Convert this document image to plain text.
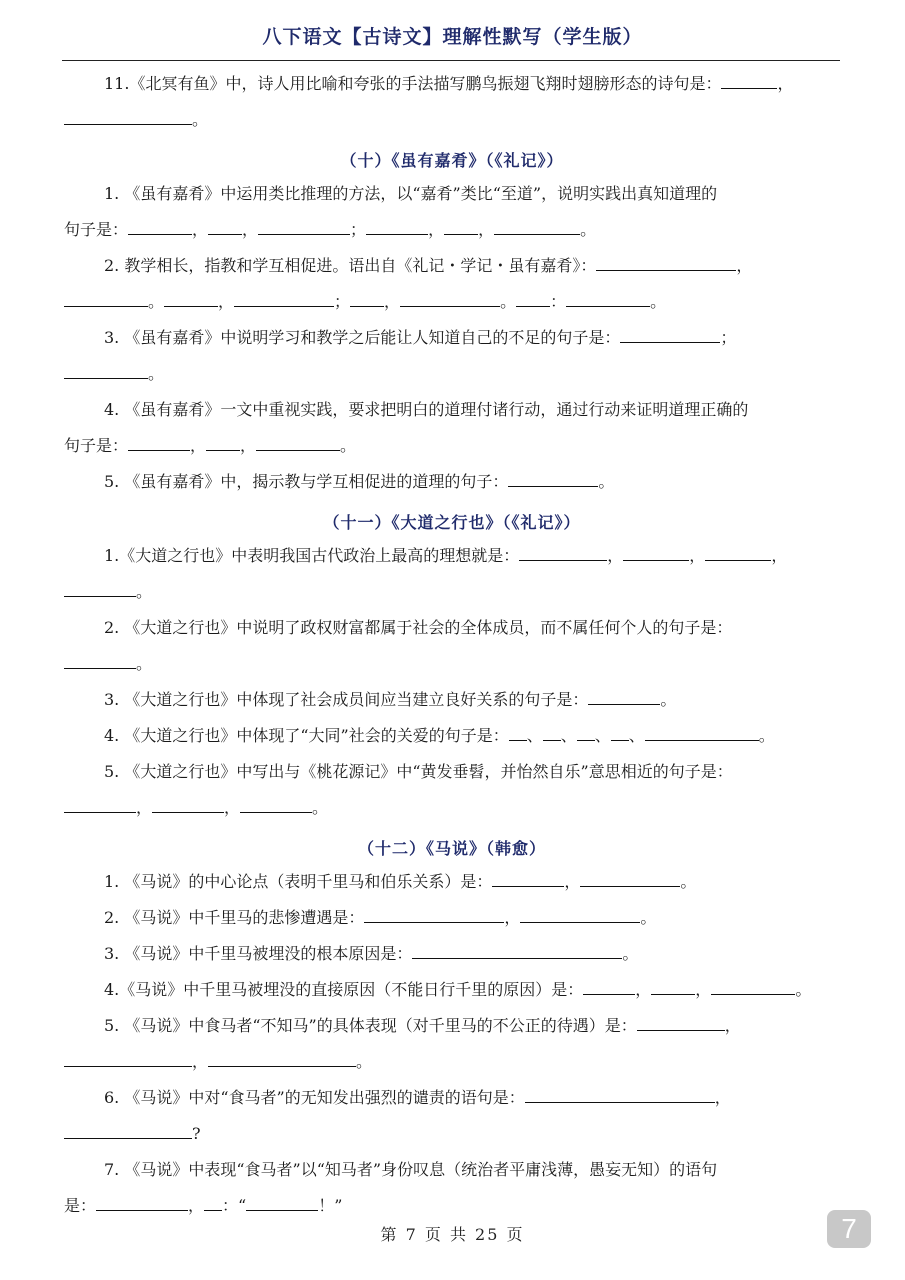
八下语文【古诗文】理解性默写（学生版）
11.《北冥有鱼》中，诗人用比喻和夸张的手法描写鹏鸟振翅飞翔时翅膀形态的诗句是：	，
。
（十）《虽有嘉肴》（《礼记》）
1. 《虽有嘉肴》中运用类比推理的方法，以“嘉肴”类比“至道”，说明实践出真知道理的
句子是：	， ，	；	， ，	。
2. 教学相长，指教和学互相促进。语出自《礼记・学记・虽有嘉肴》：	，
。	，	； ，	。 ：	。
3. 《虽有嘉肴》中说明学习和教学之后能让人知道自己的不足的句子是：	；
。
4. 《虽有嘉肴》一文中重视实践，要求把明白的道理付诸行动，通过行动来证明道理正确的
句子是：	， ，	。
5. 《虽有嘉肴》中，揭示教与学互相促进的道理的句子：	。
（十一）《大道之行也》（《礼记》）
1.《大道之行也》中表明我国古代政治上最高的理想就是：	，	，	，
。
2. 《大道之行也》中说明了政权财富都属于社会的全体成员，而不属任何个人的句子是：
。
3. 《大道之行也》中体现了社会成员间应当建立良好关系的句子是：	。
4. 《大道之行也》中体现了“大同”社会的关爱的句子是： 、 、 、 、	。
5. 《大道之行也》中写出与《桃花源记》中“黄发垂髫，并怡然自乐”意思相近的句子是：
，	，	。
（十二）《马说》（韩愈）
1. 《马说》的中心论点（表明千里马和伯乐关系）是：	，	。
2. 《马说》中千里马的悲惨遭遇是：	，	。
3. 《马说》中千里马被埋没的根本原因是：	。
4.《马说》中千里马被埋没的直接原因（不能日行千里的原因）是：	，	，	。
5. 《马说》中食马者“不知马”的具体表现（对千里马的不公正的待遇）是：	，
，	。
6. 《马说》中对“食马者”的无知发出强烈的谴责的语句是：	，
?
7. 《马说》中表现“食马者”以“知马者”身份叹息（统治者平庸浅薄，愚妄无知）的语句
是：	， ：“	！”
第 7 页 共 25 页	7
